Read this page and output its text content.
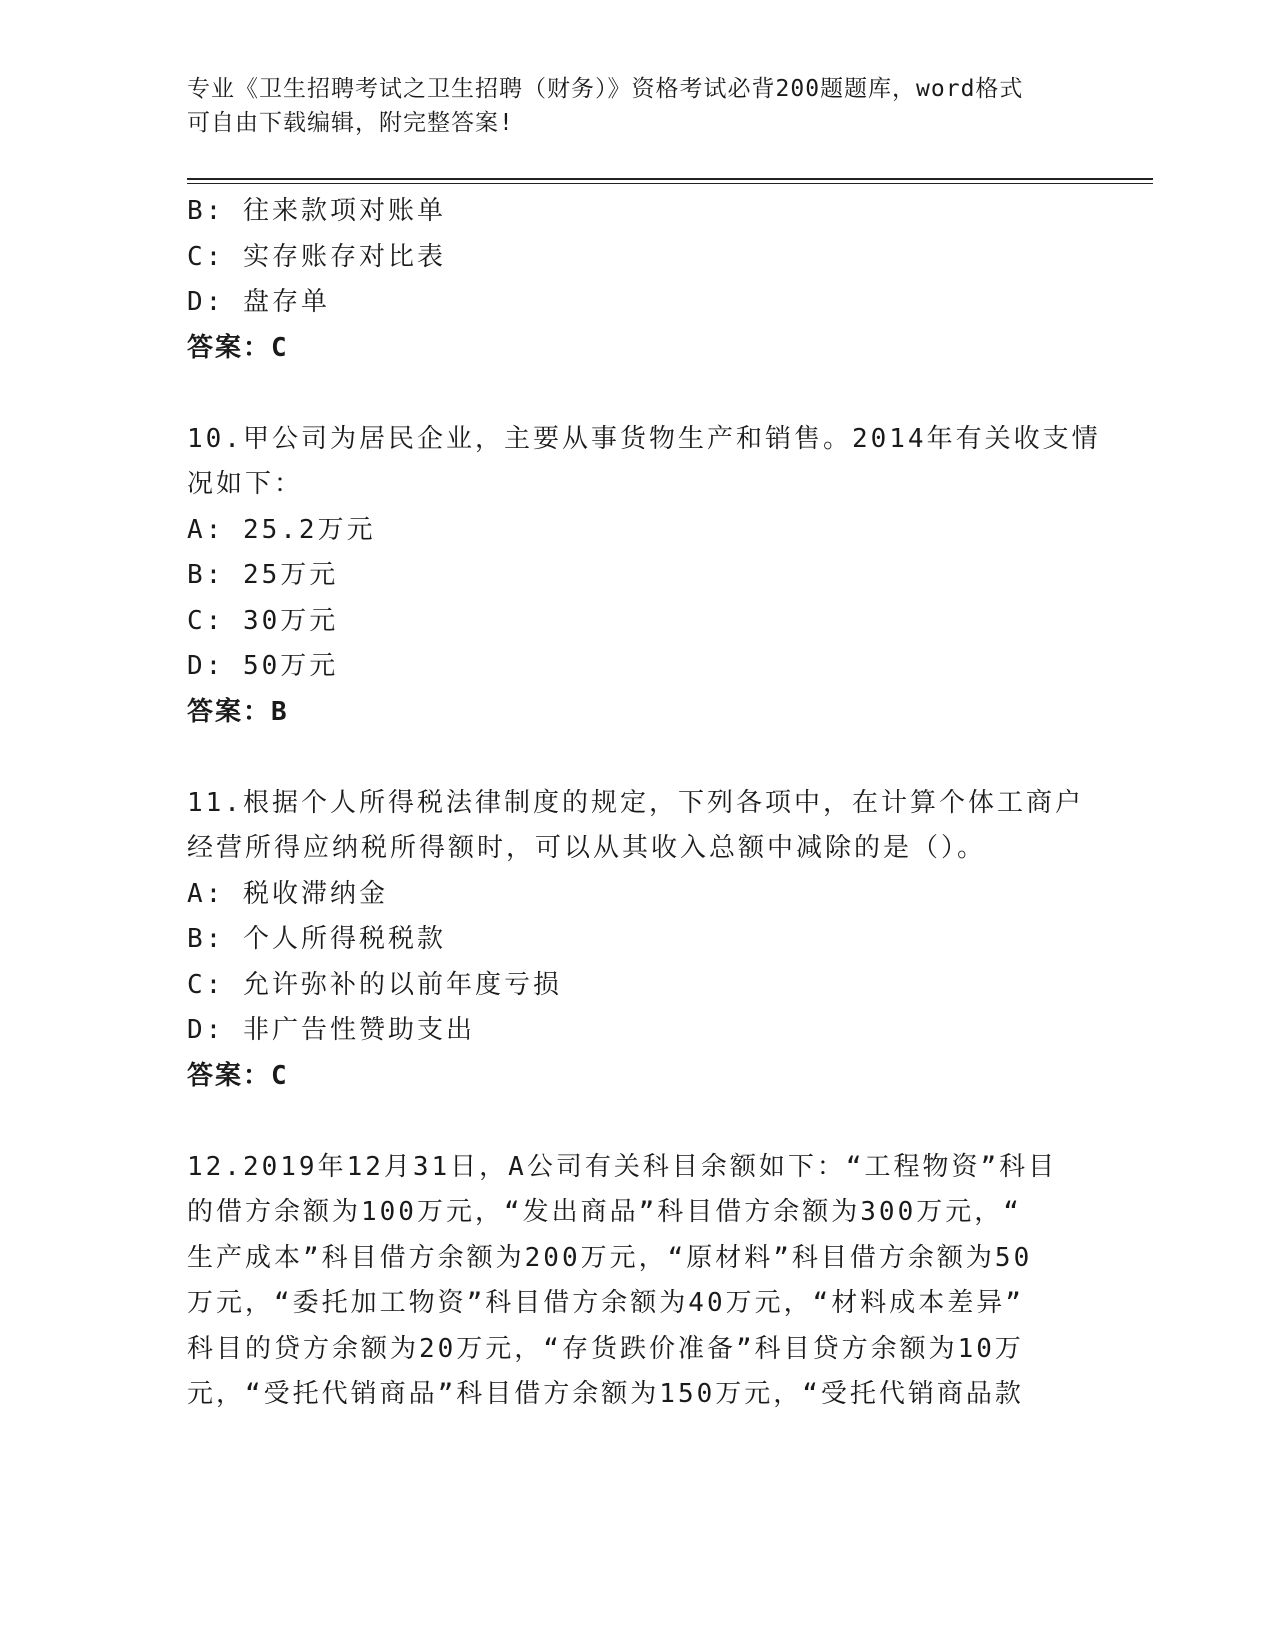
专业《卫生招聘考试之卫生招聘（财务）》资格考试必背200题题库，word格式
可自由下载编辑，附完整答案!
B: 往来款项对账单
C: 实存账存对比表
D: 盘存单
答案：C
10.甲公司为居民企业，主要从事货物生产和销售。2014年有关收支情
况如下：
A: 25.2万元
B: 25万元
C: 30万元
D: 50万元
答案：B
11.根据个人所得税法律制度的规定，下列各项中，在计算个体工商户
经营所得应纳税所得额时，可以从其收入总额中减除的是（）。
A: 税收滞纳金
B: 个人所得税税款
C: 允许弥补的以前年度亏损
D: 非广告性赞助支出
答案：C
12.2019年12月31日，A公司有关科目余额如下：“工程物资”科目
的借方余额为100万元，“发出商品”科目借方余额为300万元，“
生产成本”科目借方余额为200万元，“原材料”科目借方余额为50
万元，“委托加工物资”科目借方余额为40万元，“材料成本差异”
科目的贷方余额为20万元，“存货跌价准备”科目贷方余额为10万
元，“受托代销商品”科目借方余额为150万元，“受托代销商品款
